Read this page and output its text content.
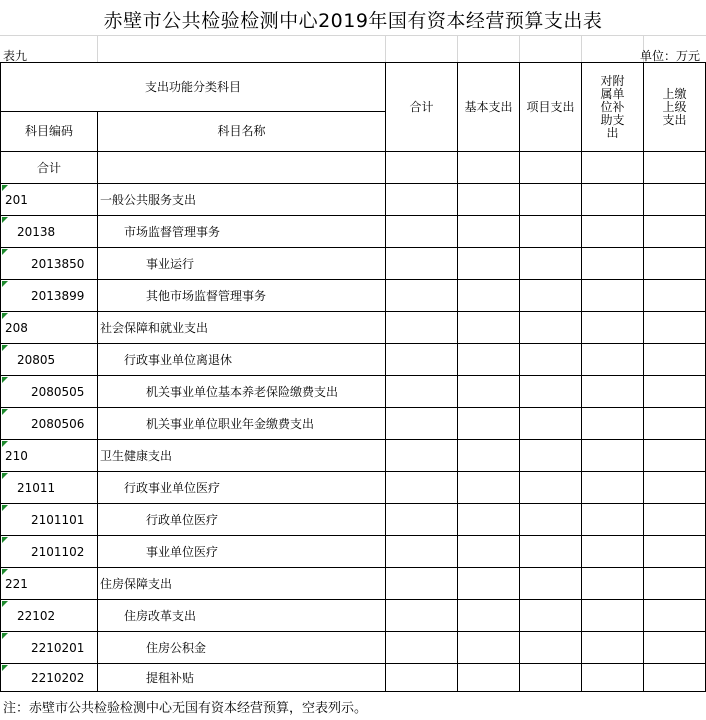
赤壁市公共检验检测中心2019年国有资本经营预算支出表
表九	单位：万元
支出功能分类科目		合计	基本支出	项目支出	对附属单位补助支出	上缴上级支出
科目编码	科目名称					
合计						

201	一般公共服务支出					

20138	市场监督管理事务					

2013850	事业运行					

2013899	其他市场监督管理事务					

208	社会保障和就业支出					

20805	行政事业单位离退休					

2080505	机关事业单位基本养老保险缴费支出					

2080506	机关事业单位职业年金缴费支出					

210	卫生健康支出					

21011	行政事业单位医疗					

2101101	行政单位医疗					

2101102	事业单位医疗					

221	住房保障支出					

22102	住房改革支出					

2210201	住房公积金					

2210202	提租补贴					
注：赤壁市公共检验检测中心无国有资本经营预算，空表列示。
